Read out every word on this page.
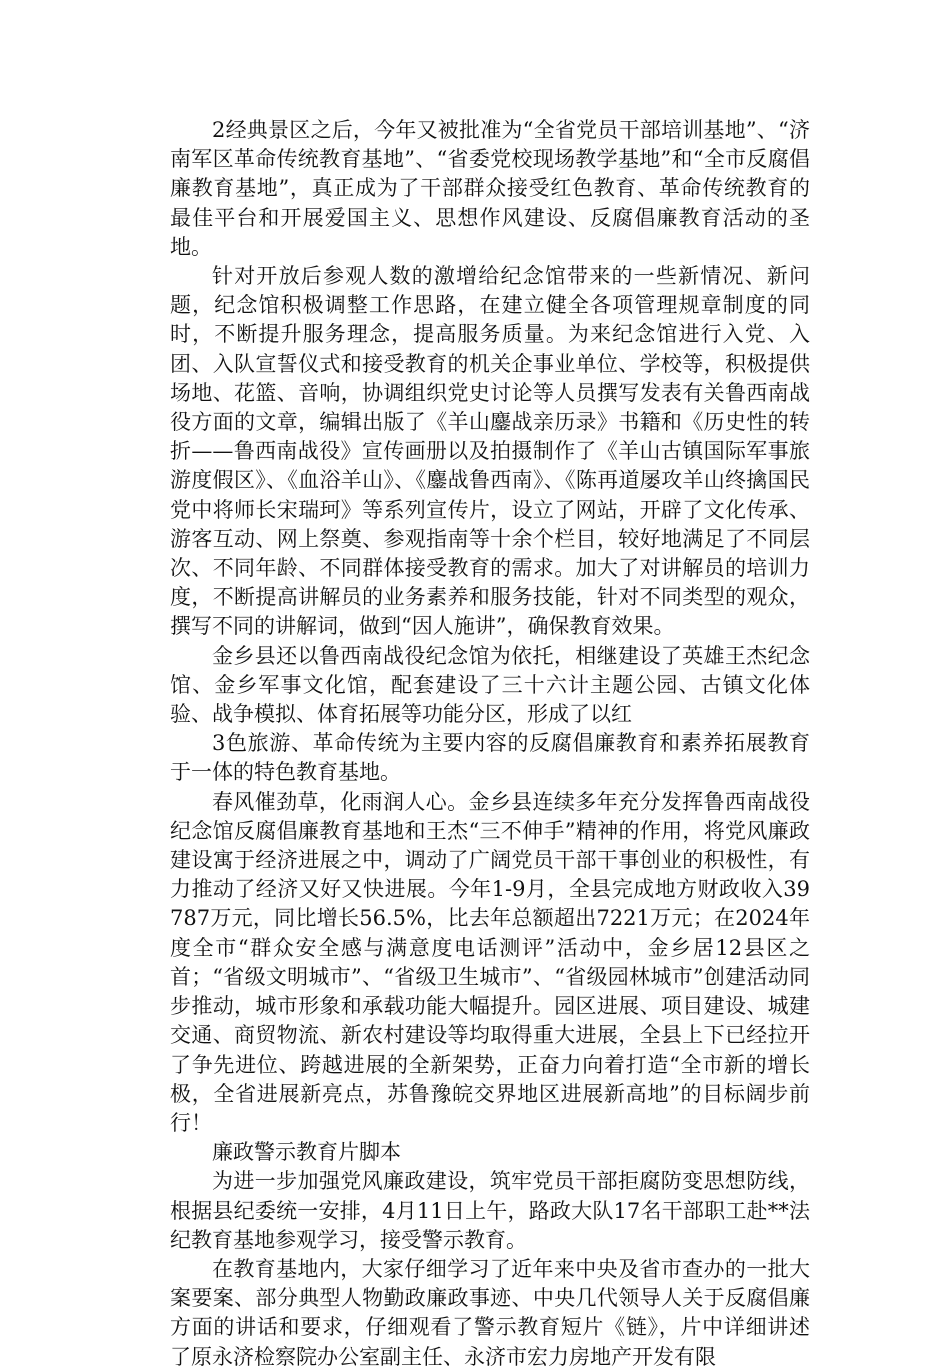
2经典景区之后，今年又被批准为“全省党员干部培训基地”、“济南军区革命传统教育基地”、“省委党校现场教学基地”和“全市反腐倡廉教育基地”，真正成为了干部群众接受红色教育、革命传统教育的最佳平台和开展爱国主义、思想作风建设、反腐倡廉教育活动的圣地。

针对开放后参观人数的激增给纪念馆带来的一些新情况、新问题，纪念馆积极调整工作思路，在建立健全各项管理规章制度的同时，不断提升服务理念，提高服务质量。为来纪念馆进行入党、入团、入队宣誓仪式和接受教育的机关企事业单位、学校等，积极提供场地、花篮、音响，协调组织党史讨论等人员撰写发表有关鲁西南战役方面的文章，编辑出版了《羊山鏖战亲历录》书籍和《历史性的转折——鲁西南战役》宣传画册以及拍摄制作了《羊山古镇国际军事旅游度假区》、《血浴羊山》、《鏖战鲁西南》、《陈再道屡攻羊山终擒国民党中将师长宋瑞珂》等系列宣传片，设立了网站，开辟了文化传承、游客互动、网上祭奠、参观指南等十余个栏目，较好地满足了不同层次、不同年龄、不同群体接受教育的需求。加大了对讲解员的培训力度，不断提高讲解员的业务素养和服务技能，针对不同类型的观众，撰写不同的讲解词，做到“因人施讲”，确保教育效果。

金乡县还以鲁西南战役纪念馆为依托，相继建设了英雄王杰纪念馆、金乡军事文化馆，配套建设了三十六计主题公园、古镇文化体验、战争模拟、体育拓展等功能分区，形成了以红

3色旅游、革命传统为主要内容的反腐倡廉教育和素养拓展教育于一体的特色教育基地。

春风催劲草，化雨润人心。金乡县连续多年充分发挥鲁西南战役纪念馆反腐倡廉教育基地和王杰“三不伸手”精神的作用，将党风廉政建设寓于经济进展之中，调动了广阔党员干部干事创业的积极性，有力推动了经济又好又快进展。今年1-9月，全县完成地方财政收入39787万元，同比增长56.5%，比去年总额超出7221万元；在2024年度全市“群众安全感与满意度电话测评”活动中，金乡居12县区之首；“省级文明城市”、“省级卫生城市”、“省级园林城市”创建活动同步推动，城市形象和承载功能大幅提升。园区进展、项目建设、城建交通、商贸物流、新农村建设等均取得重大进展，全县上下已经拉开了争先进位、跨越进展的全新架势，正奋力向着打造“全市新的增长极，全省进展新亮点，苏鲁豫皖交界地区进展新高地”的目标阔步前行！

廉政警示教育片脚本

为进一步加强党风廉政建设，筑牢党员干部拒腐防变思想防线，根据县纪委统一安排，4月11日上午，路政大队17名干部职工赴**法纪教育基地参观学习，接受警示教育。

在教育基地内，大家仔细学习了近年来中央及省市查办的一批大案要案、部分典型人物勤政廉政事迹、中央几代领导人关于反腐倡廉方面的讲话和要求，仔细观看了警示教育短片《链》，片中详细讲述了原永济检察院办公室副主任、永济市宏力房地产开发有限
